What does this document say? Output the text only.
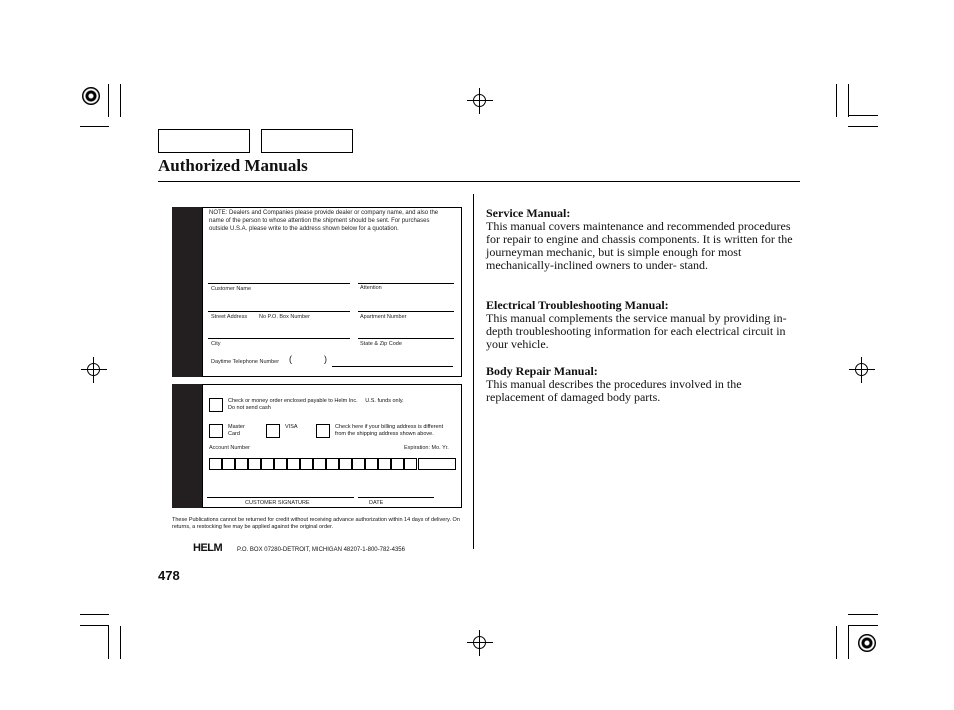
Authorized Manuals
NOTE: Dealers and Companies please provide dealer or company name, and also the name of the person to whose attention the shipment should be sent. For purchases outside U.S.A. please write to the address shown below for a quotation.
Customer Name	Attention
Street Address No P.O. Box Number	Apartment Number
City	State & Zip Code
Daytime Telephone Number (	)
Check or money order enclosed payable to Helm Inc. U.S. funds only.
Do not send cash
Master
Card
VISA	Check here if your billing address is different from the shipping address shown above.
Account Number	Expiration: Mo. Yr.
CUSTOMER SIGNATURE	DATE
These Publications cannot be returned for credit without receiving advance authorization within 14 days of delivery. On returns, a restocking fee may be applied against the original order.
HELM P.O. BOX 07280-DETROIT, MICHIGAN 48207-1-800-782-4356
478
Service Manual:

This manual covers maintenance and recommended procedures for repair to engine and chassis components. It is written for the journeyman mechanic, but is simple enough for most mechanically-inclined owners to under- stand.

Electrical Troubleshooting Manual:

This manual complements the service manual by providing in-depth troubleshooting information for each electrical circuit in your vehicle.

Body Repair Manual:

This manual describes the procedures involved in the replacement of damaged body parts.
